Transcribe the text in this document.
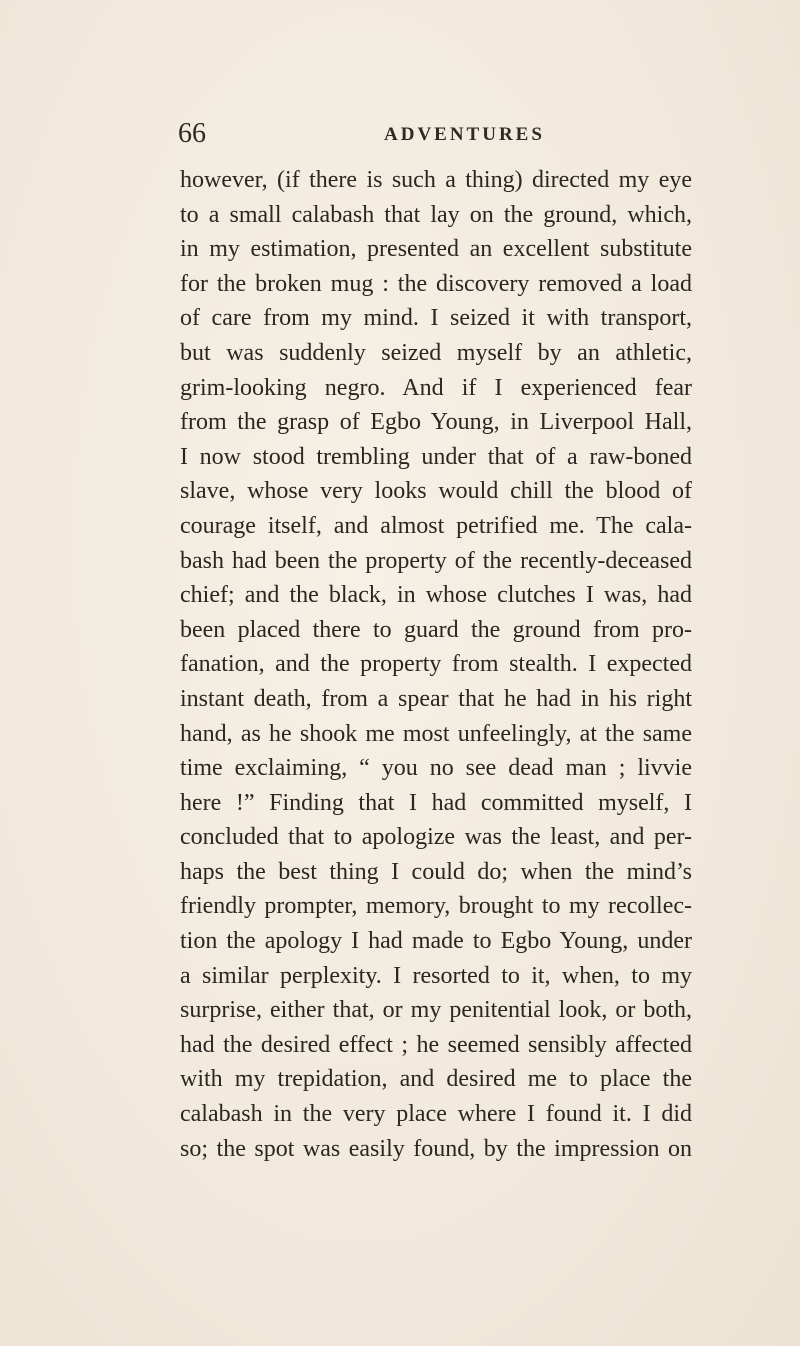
66	ADVENTURES
however, (if there is such a thing) directed my eye
to a small calabash that lay on the ground, which,
in my estimation, presented an excellent substitute
for the broken mug : the discovery removed a load
of care from my mind. I seized it with transport,
but was suddenly seized myself by an athletic,
grim-looking negro. And if I experienced fear
from the grasp of Egbo Young, in Liverpool Hall,
I now stood trembling under that of a raw-boned
slave, whose very looks would chill the blood of
courage itself, and almost petrified me. The cala-
bash had been the property of the recently-deceased
chief; and the black, in whose clutches I was, had
been placed there to guard the ground from pro-
fanation, and the property from stealth. I expected
instant death, from a spear that he had in his right
hand, as he shook me most unfeelingly, at the same
time exclaiming, “ you no see dead man ; livvie
here !” Finding that I had committed myself, I
concluded that to apologize was the least, and per-
haps the best thing I could do; when the mind’s
friendly prompter, memory, brought to my recollec-
tion the apology I had made to Egbo Young, under
a similar perplexity. I resorted to it, when, to my
surprise, either that, or my penitential look, or both,
had the desired effect ; he seemed sensibly affected
with my trepidation, and desired me to place the
calabash in the very place where I found it. I did
so; the spot was easily found, by the impression on
